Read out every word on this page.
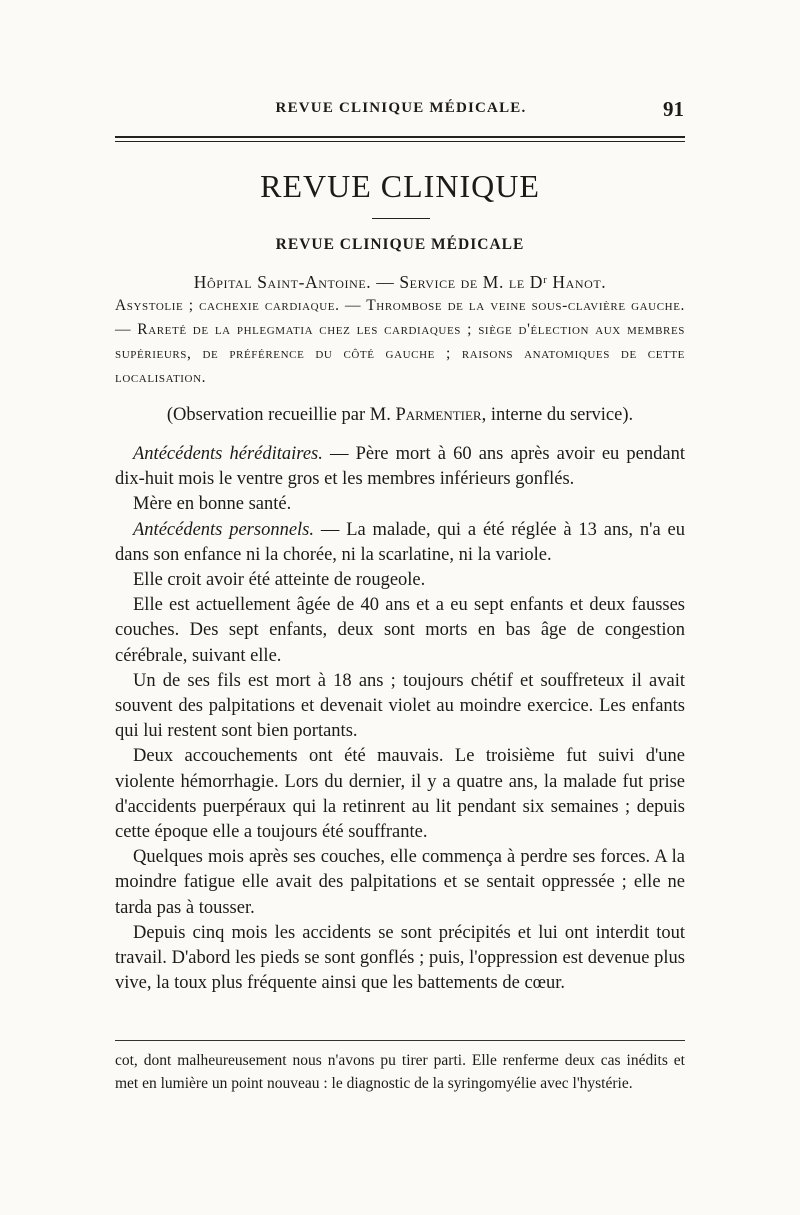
REVUE CLINIQUE MÉDICALE.	91
REVUE CLINIQUE
REVUE CLINIQUE MÉDICALE

Hôpital Saint-Antoine. — Service de M. le Dʳ Hanot.

Asystolie ; cachexie cardiaque. — Thrombose de la veine sous-clavière gauche. — Rareté de la phlegmatia chez les cardiaques ; siège d'élection aux membres supérieurs, de préférence du côté gauche ; raisons anatomiques de cette localisation.

(Observation recueillie par M. Parmentier, interne du service).

Antécédents héréditaires. — Père mort à 60 ans après avoir eu pendant dix-huit mois le ventre gros et les membres inférieurs gonflés.

Mère en bonne santé.

Antécédents personnels. — La malade, qui a été réglée à 13 ans, n'a eu dans son enfance ni la chorée, ni la scarlatine, ni la variole.

Elle croit avoir été atteinte de rougeole.

Elle est actuellement âgée de 40 ans et a eu sept enfants et deux fausses couches. Des sept enfants, deux sont morts en bas âge de congestion cérébrale, suivant elle.

Un de ses fils est mort à 18 ans ; toujours chétif et souffreteux il avait souvent des palpitations et devenait violet au moindre exercice. Les enfants qui lui restent sont bien portants.

Deux accouchements ont été mauvais. Le troisième fut suivi d'une violente hémorrhagie. Lors du dernier, il y a quatre ans, la malade fut prise d'accidents puerpéraux qui la retinrent au lit pendant six semaines ; depuis cette époque elle a toujours été souffrante.

Quelques mois après ses couches, elle commença à perdre ses forces. A la moindre fatigue elle avait des palpitations et se sentait oppressée ; elle ne tarda pas à tousser.

Depuis cinq mois les accidents se sont précipités et lui ont interdit tout travail. D'abord les pieds se sont gonflés ; puis, l'oppression est devenue plus vive, la toux plus fréquente ainsi que les battements de cœur.

cot, dont malheureusement nous n'avons pu tirer parti. Elle renferme deux cas inédits et met en lumière un point nouveau : le diagnostic de la syringomyélie avec l'hystérie.
